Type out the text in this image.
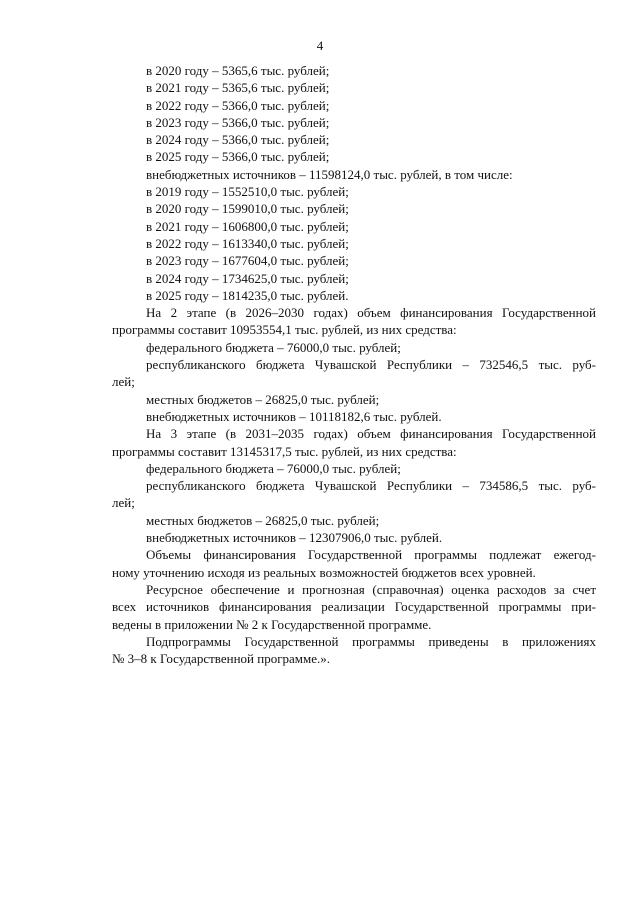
4
в 2020 году – 5365,6 тыс. рублей;
в 2021 году – 5365,6 тыс. рублей;
в 2022 году – 5366,0 тыс. рублей;
в 2023 году – 5366,0 тыс. рублей;
в 2024 году – 5366,0 тыс. рублей;
в 2025 году – 5366,0 тыс. рублей;
внебюджетных источников – 11598124,0 тыс. рублей, в том числе:
в 2019 году – 1552510,0 тыс. рублей;
в 2020 году – 1599010,0 тыс. рублей;
в 2021 году – 1606800,0 тыс. рублей;
в 2022 году – 1613340,0 тыс. рублей;
в 2023 году – 1677604,0 тыс. рублей;
в 2024 году – 1734625,0 тыс. рублей;
в 2025 году – 1814235,0 тыс. рублей.
На 2 этапе (в 2026–2030 годах) объем финансирования Государственной
программы составит 10953554,1 тыс. рублей, из них средства:
федерального бюджета – 76000,0 тыс. рублей;
республиканского бюджета Чувашской Республики – 732546,5 тыс. руб-
лей;
местных бюджетов – 26825,0 тыс. рублей;
внебюджетных источников – 10118182,6 тыс. рублей.
На 3 этапе (в 2031–2035 годах) объем финансирования Государственной
программы составит 13145317,5 тыс. рублей, из них средства:
федерального бюджета – 76000,0 тыс. рублей;
республиканского бюджета Чувашской Республики – 734586,5 тыс. руб-
лей;
местных бюджетов – 26825,0 тыс. рублей;
внебюджетных источников – 12307906,0 тыс. рублей.
Объемы финансирования Государственной программы подлежат ежегод-
ному уточнению исходя из реальных возможностей бюджетов всех уровней.
Ресурсное обеспечение и прогнозная (справочная) оценка расходов за счет
всех источников финансирования реализации Государственной программы при-
ведены в приложении № 2 к Государственной программе.
Подпрограммы Государственной программы приведены в приложениях
№ 3–8 к Государственной программе.».
